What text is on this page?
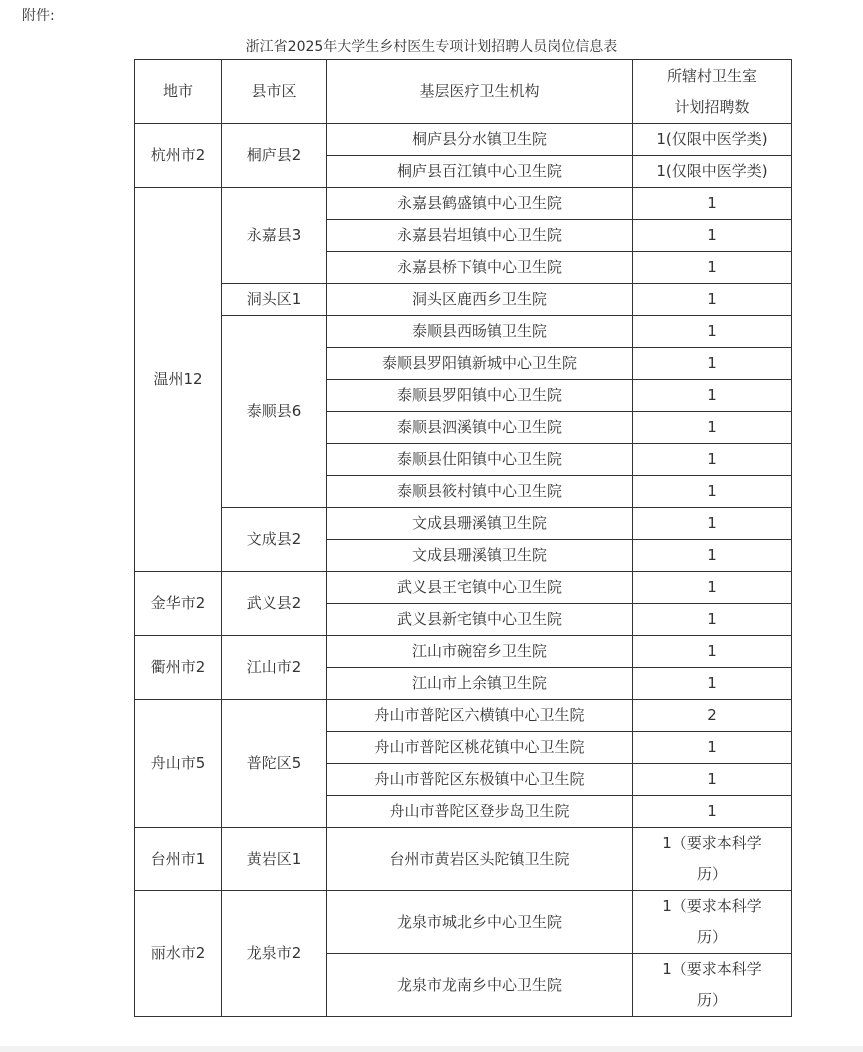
附件:
浙江省2025年大学生乡村医生专项计划招聘人员岗位信息表
地市	县市区	基层医疗卫生机构	所辖村卫生室
计划招聘数

杭州市2	桐庐县2	桐庐县分水镇卫生院	1(仅限中医学类)
		桐庐县百江镇中心卫生院	1(仅限中医学类)
温州12	永嘉县3	永嘉县鹤盛镇中心卫生院	1
		永嘉县岩坦镇中心卫生院	1
		永嘉县桥下镇中心卫生院	1
	洞头区1	洞头区鹿西乡卫生院	1
	泰顺县6	泰顺县西旸镇卫生院	1
		泰顺县罗阳镇新城中心卫生院	1
		泰顺县罗阳镇中心卫生院	1
		泰顺县泗溪镇中心卫生院	1
		泰顺县仕阳镇中心卫生院	1
		泰顺县筱村镇中心卫生院	1
	文成县2	文成县珊溪镇卫生院	1
		文成县珊溪镇卫生院	1
金华市2	武义县2	武义县王宅镇中心卫生院	1
		武义县新宅镇中心卫生院	1
衢州市2	江山市2	江山市碗窑乡卫生院	1
		江山市上余镇卫生院	1
舟山市5	普陀区5	舟山市普陀区六横镇中心卫生院	2
		舟山市普陀区桃花镇中心卫生院	1
		舟山市普陀区东极镇中心卫生院	1
		舟山市普陀区登步岛卫生院	1
台州市1	黄岩区1	台州市黄岩区头陀镇卫生院	1（要求本科学
历）

丽水市2	龙泉市2	龙泉市城北乡中心卫生院	1（要求本科学
历）

		龙泉市龙南乡中心卫生院	1（要求本科学
历）
